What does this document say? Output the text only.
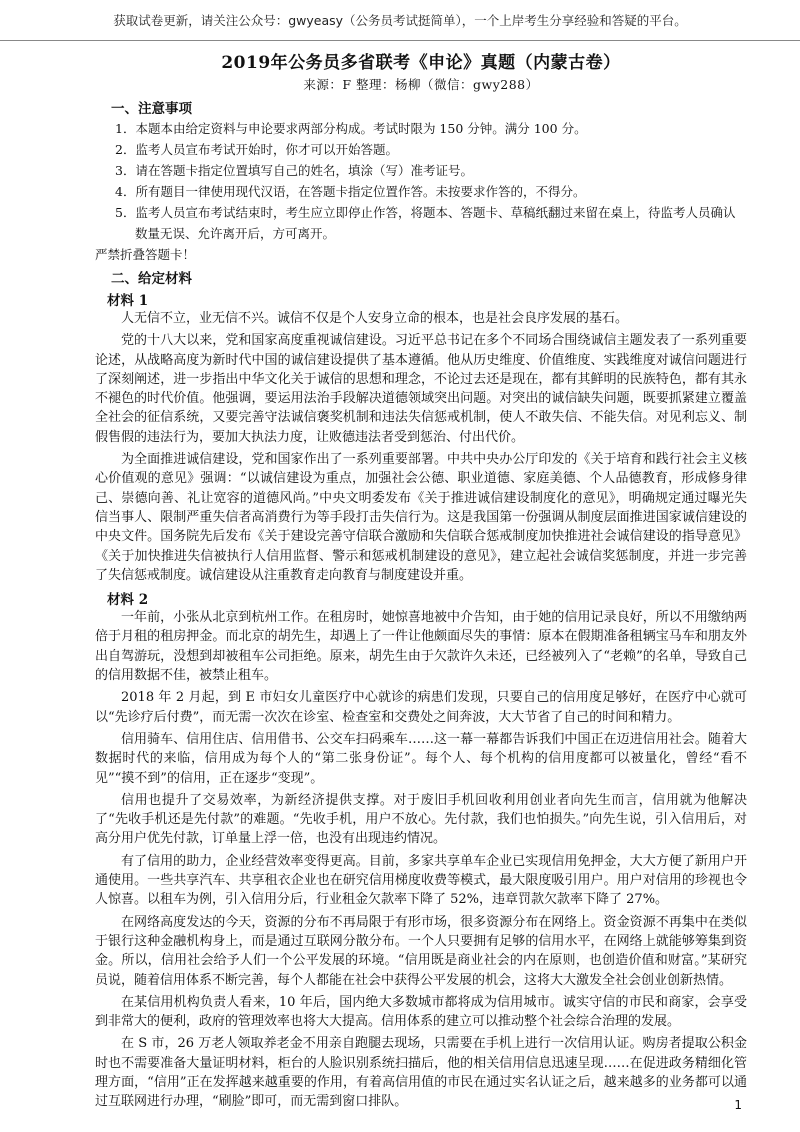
获取试卷更新，请关注公众号：gwyeasy（公务员考试挺简单），一个上岸考生分享经验和答疑的平台。
2019年公务员多省联考《申论》真题（内蒙古卷）
来源：F 整理：杨柳（微信：gwy288）
一、注意事项
1．本题本由给定资料与申论要求两部分构成。考试时限为 150 分钟。满分 100 分。
2．监考人员宣布考试开始时，你才可以开始答题。
3．请在答题卡指定位置填写自己的姓名，填涂（写）准考证号。
4．所有题目一律使用现代汉语，在答题卡指定位置作答。未按要求作答的，不得分。
5．监考人员宣布考试结束时，考生应立即停止作答，将题本、答题卡、草稿纸翻过来留在桌上，待监考人员确认数量无误、允许离开后，方可离开。
严禁折叠答题卡！
二、给定材料
材料 1

人无信不立，业无信不兴。诚信不仅是个人安身立命的根本，也是社会良序发展的基石。

党的十八大以来，党和国家高度重视诚信建设。习近平总书记在多个不同场合围绕诚信主题发表了一系列重要论述，从战略高度为新时代中国的诚信建设提供了基本遵循。他从历史维度、价值维度、实践维度对诚信问题进行了深刻阐述，进一步指出中华文化关于诚信的思想和理念，不论过去还是现在，都有其鲜明的民族特色，都有其永不褪色的时代价值。他强调，要运用法治手段解决道德领域突出问题。对突出的诚信缺失问题，既要抓紧建立覆盖全社会的征信系统，又要完善守法诚信褒奖机制和违法失信惩戒机制，使人不敢失信、不能失信。对见利忘义、制假售假的违法行为，要加大执法力度，让败德违法者受到惩治、付出代价。

为全面推进诚信建设，党和国家作出了一系列重要部署。中共中央办公厅印发的《关于培育和践行社会主义核心价值观的意见》强调：“以诚信建设为重点，加强社会公德、职业道德、家庭美德、个人品德教育，形成修身律己、崇德向善、礼让宽容的道德风尚。”中央文明委发布《关于推进诚信建设制度化的意见》，明确规定通过曝光失信当事人、限制严重失信者高消费行为等手段打击失信行为。这是我国第一份强调从制度层面推进国家诚信建设的中央文件。国务院先后发布《关于建设完善守信联合激励和失信联合惩戒制度加快推进社会诚信建设的指导意见》《关于加快推进失信被执行人信用监督、警示和惩戒机制建设的意见》，建立起社会诚信奖惩制度，并进一步完善了失信惩戒制度。诚信建设从注重教育走向教育与制度建设并重。

材料 2

一年前，小张从北京到杭州工作。在租房时，她惊喜地被中介告知，由于她的信用记录良好，所以不用缴纳两倍于月租的租房押金。而北京的胡先生，却遇上了一件让他颇面尽失的事情：原本在假期准备租辆宝马车和朋友外出自驾游玩，没想到却被租车公司拒绝。原来，胡先生由于欠款许久未还，已经被列入了“老赖”的名单，导致自己的信用数据不佳，被禁止租车。

2018 年 2 月起，到 E 市妇女儿童医疗中心就诊的病患们发现，只要自己的信用度足够好，在医疗中心就可以“先诊疗后付费”，而无需一次次在诊室、检查室和交费处之间奔波，大大节省了自己的时间和精力。

信用骑车、信用住店、信用借书、公交车扫码乘车……这一幕一幕都告诉我们中国正在迈进信用社会。随着大数据时代的来临，信用成为每个人的“第二张身份证”。每个人、每个机构的信用度都可以被量化，曾经“看不见”“摸不到”的信用，正在逐步“变现”。

信用也提升了交易效率，为新经济提供支撑。对于废旧手机回收利用创业者向先生而言，信用就为他解决了“先收手机还是先付款”的难题。“先收手机，用户不放心。先付款，我们也怕损失。”向先生说，引入信用后，对高分用户优先付款，订单量上浮一倍，也没有出现违约情况。

有了信用的助力，企业经营效率变得更高。目前，多家共享单车企业已实现信用免押金，大大方便了新用户开通使用。一些共享汽车、共享租衣企业也在研究信用梯度收费等模式，最大限度吸引用户。用户对信用的珍视也令人惊喜。以租车为例，引入信用分后，行业租金欠款率下降了 52%，违章罚款欠款率下降了 27%。

在网络高度发达的今天，资源的分布不再局限于有形市场，很多资源分布在网络上。资金资源不再集中在类似于银行这种金融机构身上，而是通过互联网分散分布。一个人只要拥有足够的信用水平，在网络上就能够筹集到资金。所以，信用社会给予人们一个公平发展的环境。“信用既是商业社会的内在原则，也创造价值和财富。”某研究员说，随着信用体系不断完善，每个人都能在社会中获得公平发展的机会，这将大大激发全社会创业创新热情。

在某信用机构负责人看来，10 年后，国内绝大多数城市都将成为信用城市。诚实守信的市民和商家，会享受到非常大的便利，政府的管理效率也将大大提高。信用体系的建立可以推动整个社会综合治理的发展。

在 S 市，26 万老人领取养老金不用亲自跑腿去现场，只需要在手机上进行一次信用认证。购房者提取公积金时也不需要准备大量证明材料，柜台的人脸识别系统扫描后，他的相关信用信息迅速呈现……在促进政务精细化管理方面，“信用”正在发挥越来越重要的作用，有着高信用值的市民在通过实名认证之后，越来越多的业务都可以通过互联网进行办理，“刷脸”即可，而无需到窗口排队。	1
